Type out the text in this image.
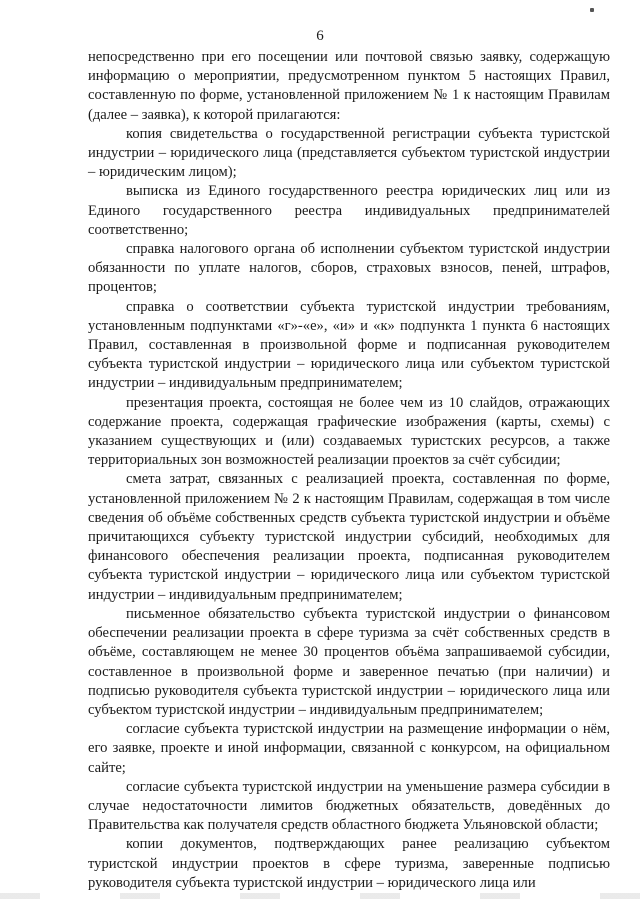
6

непосредственно при его посещении или почтовой связью заявку, содержащую информацию о мероприятии, предусмотренном пунктом 5 настоящих Правил, составленную по форме, установленной приложением № 1 к настоящим Правилам (далее – заявка), к которой прилагаются:

копия свидетельства о государственной регистрации субъекта туристской индустрии – юридического лица (представляется субъектом туристской индустрии – юридическим лицом);

выписка из Единого государственного реестра юридических лиц или из Единого государственного реестра индивидуальных предпринимателей соответственно;

справка налогового органа об исполнении субъектом туристской индустрии обязанности по уплате налогов, сборов, страховых взносов, пеней, штрафов, процентов;

справка о соответствии субъекта туристской индустрии требованиям, установленным подпунктами «г»-«е», «и» и «к» подпункта 1 пункта 6 настоящих Правил, составленная в произвольной форме и подписанная руководителем субъекта туристской индустрии – юридического лица или субъектом туристской индустрии – индивидуальным предпринимателем;

презентация проекта, состоящая не более чем из 10 слайдов, отражающих содержание проекта, содержащая графические изображения (карты, схемы) с указанием существующих и (или) создаваемых туристских ресурсов, а также территориальных зон возможностей реализации проектов за счёт субсидии;

смета затрат, связанных с реализацией проекта, составленная по форме, установленной приложением № 2 к настоящим Правилам, содержащая в том числе сведения об объёме собственных средств субъекта туристской индустрии и объёме причитающихся субъекту туристской индустрии субсидий, необходимых для финансового обеспечения реализации проекта, подписанная руководителем субъекта туристской индустрии – юридического лица или субъектом туристской индустрии – индивидуальным предпринимателем;

письменное обязательство субъекта туристской индустрии о финансовом обеспечении реализации проекта в сфере туризма за счёт собственных средств в объёме, составляющем не менее 30 процентов объёма запрашиваемой субсидии, составленное в произвольной форме и заверенное печатью (при наличии) и подписью руководителя субъекта туристской индустрии – юридического лица или субъектом туристской индустрии – индивидуальным предпринимателем;

согласие субъекта туристской индустрии на размещение информации о нём, его заявке, проекте и иной информации, связанной с конкурсом, на официальном сайте;

согласие субъекта туристской индустрии на уменьшение размера субсидии в случае недостаточности лимитов бюджетных обязательств, доведённых до Правительства как получателя средств областного бюджета Ульяновской области;

копии документов, подтверждающих ранее реализацию субъектом туристской индустрии проектов в сфере туризма, заверенные подписью руководителя субъекта туристской индустрии – юридического лица или
